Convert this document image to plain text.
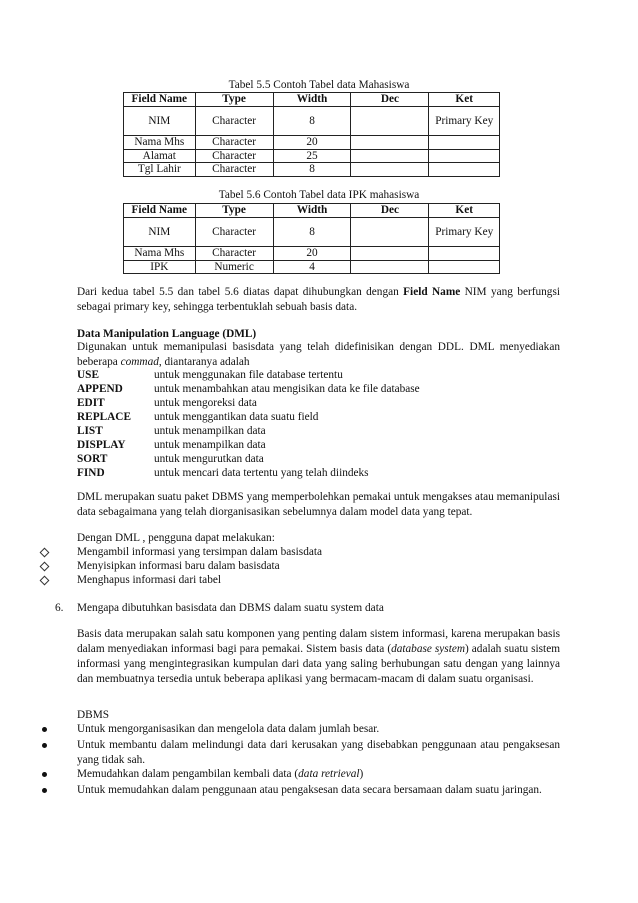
Tabel 5.5 Contoh Tabel data Mahasiswa
Field Name	Type	Width	Dec	Ket
NIM	Character	8		Primary Key
Nama Mhs	Character	20		
Alamat	Character	25		
Tgl Lahir	Character	8		
Tabel 5.6 Contoh Tabel data IPK mahasiswa
Field Name	Type	Width	Dec	Ket
NIM	Character	8		Primary Key
Nama Mhs	Character	20		
IPK	Numeric	4		
Dari kedua tabel 5.5 dan tabel 5.6 diatas dapat dihubungkan dengan Field Name NIM yang berfungsi sebagai primary key, sehingga terbentuklah sebuah basis data.
Data Manipulation Language (DML)
Digunakan untuk memanipulasi basisdata yang telah didefinisikan dengan DDL. DML menyediakan beberapa commad, diantaranya adalah
USE	untuk menggunakan file database tertentu
APPEND	untuk menambahkan atau mengisikan data ke file database
EDIT	untuk mengoreksi data
REPLACE untuk menggantikan data suatu field
LIST	untuk menampilkan data
DISPLAY	untuk menampilkan data
SORT	untuk mengurutkan data
FIND	untuk mencari data tertentu yang telah diindeks
DML merupakan suatu paket DBMS yang memperbolehkan pemakai untuk mengakses atau memanipulasi data sebagaimana yang telah diorganisasikan sebelumnya dalam model data yang tepat.
Dengan DML , pengguna dapat melakukan:
Mengambil informasi yang tersimpan dalam basisdata
Menyisipkan informasi baru dalam basisdata
Menghapus informasi dari tabel
6. Mengapa dibutuhkan basisdata dan DBMS dalam suatu system data
Basis data merupakan salah satu komponen yang penting dalam sistem informasi, karena merupakan basis dalam menyediakan informasi bagi para pemakai. Sistem basis data (database system) adalah suatu sistem informasi yang mengintegrasikan kumpulan dari data yang saling berhubungan satu dengan yang lainnya dan membuatnya tersedia untuk beberapa aplikasi yang bermacam-macam di dalam suatu organisasi.
DBMS
Untuk mengorganisasikan dan mengelola data dalam jumlah besar.
Untuk membantu dalam melindungi data dari kerusakan yang disebabkan penggunaan atau pengaksesan yang tidak sah.
Memudahkan dalam pengambilan kembali data (data retrieval)
Untuk memudahkan dalam penggunaan atau pengaksesan data secara bersamaan dalam suatu jaringan.
